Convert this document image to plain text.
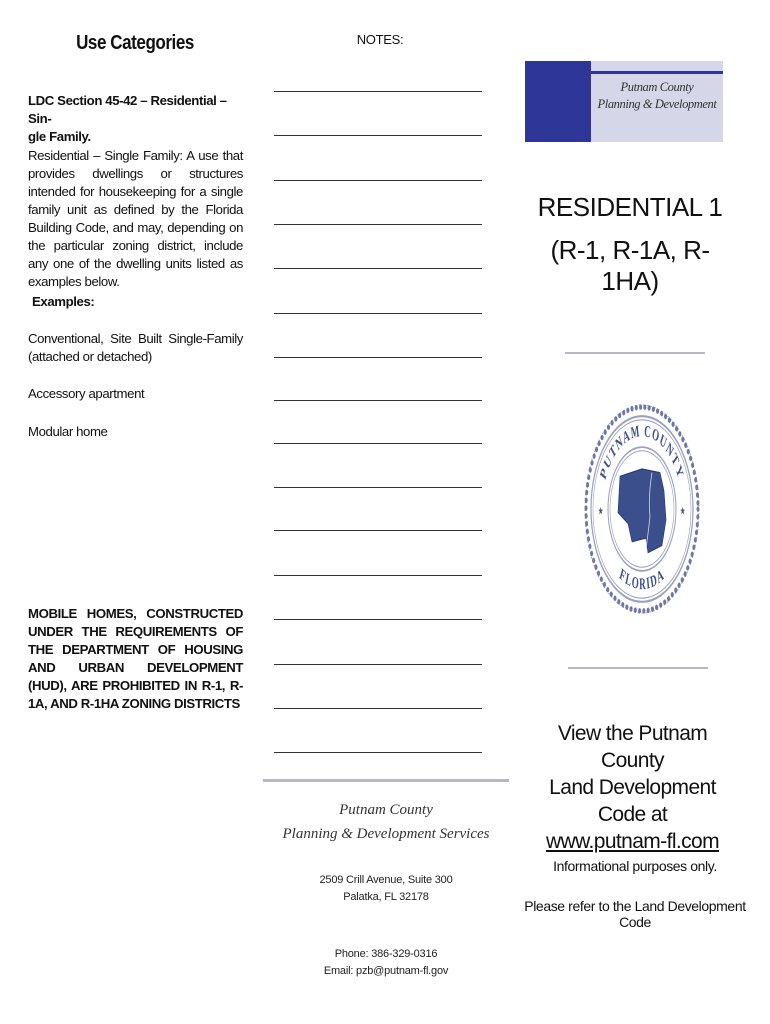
Use Categories
LDC Section 45-42 – Residential – Sin-
gle Family.
Residential – Single Family: A use that provides dwellings or structures intended for housekeeping for a single family unit as defined by the Florida Building Code, and may, depending on the particular zoning district, include any one of the dwelling units listed as examples below.
Examples:
Conventional, Site Built Single-Family (attached or detached)
Accessory apartment
Modular home
MOBILE HOMES, CONSTRUCTED UNDER THE REQUIREMENTS OF THE DEPARTMENT OF HOUSING AND URBAN DEVELOPMENT (HUD), ARE PROHIBITED IN R-1, R-1A, AND R-1HA ZONING DISTRICTS
NOTES:
Putnam County
Planning & Development Services
2509 Crill Avenue, Suite 300
Palatka, FL 32178
Phone: 386-329-0316
Email: pzb@putnam-fl.gov
Putnam County
Planning & Development
RESIDENTIAL 1
(R-1, R-1A, R-1HA)
★	★
PUTNAM COUNTY
FLORIDA
View the Putnam County
Land Development Code at
www.putnam-fl.com
Informational purposes only.
Please refer to the Land Development Code
